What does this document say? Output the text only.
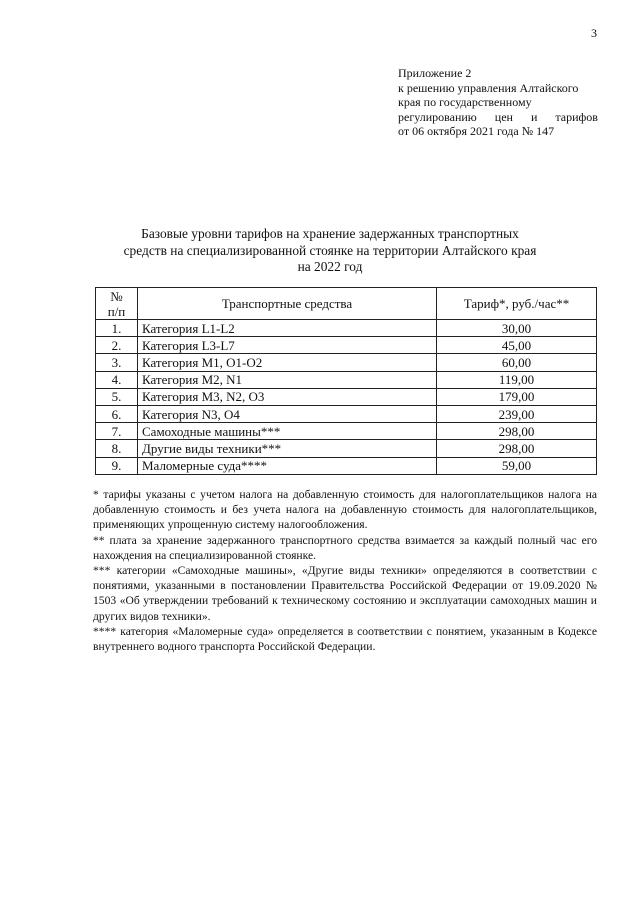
3
Приложение 2
к решению управления Алтайского
края по государственному
регулированию цен и тарифов
от 06 октября 2021 года № 147
Базовые уровни тарифов на хранение задержанных транспортных
средств на специализированной стоянке на территории Алтайского края
на 2022 год
№
п/п	Транспортные средства	Тариф*, руб./час**
1.	Категория L1-L2	30,00
2.	Категория L3-L7	45,00
3.	Категория М1, О1-О2	60,00
4.	Категория М2, N1	119,00
5.	Категория М3, N2, О3	179,00
6.	Категория N3, О4	239,00
7.	Самоходные машины***	298,00
8.	Другие виды техники***	298,00
9.	Маломерные суда****	59,00

* тарифы указаны с учетом налога на добавленную стоимость для налогоплательщиков налога на добавленную стоимость и без учета налога на добавленную стоимость для налогоплательщиков, применяющих упрощенную систему налогообложения.

** плата за хранение задержанного транспортного средства взимается за каждый полный час его нахождения на специализированной стоянке.

*** категории «Самоходные машины», «Другие виды техники» определяются в соответствии с понятиями, указанными в постановлении Правительства Российской Федерации от 19.09.2020 № 1503 «Об утверждении требований к техническому состоянию и эксплуатации самоходных машин и других видов техники».

**** категория «Маломерные суда» определяется в соответствии с понятием, указанным в Кодексе внутреннего водного транспорта Российской Федерации.
